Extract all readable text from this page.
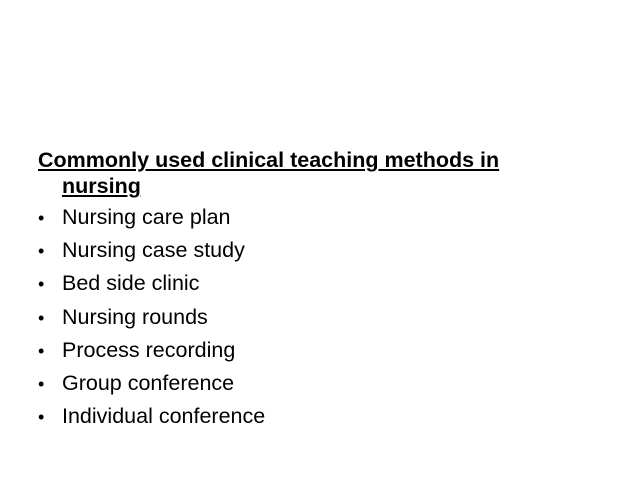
Commonly used clinical teaching methods in
nursing

• Nursing care plan
• Nursing case study
• Bed side clinic
• Nursing rounds
• Process recording
• Group conference
• Individual conference
